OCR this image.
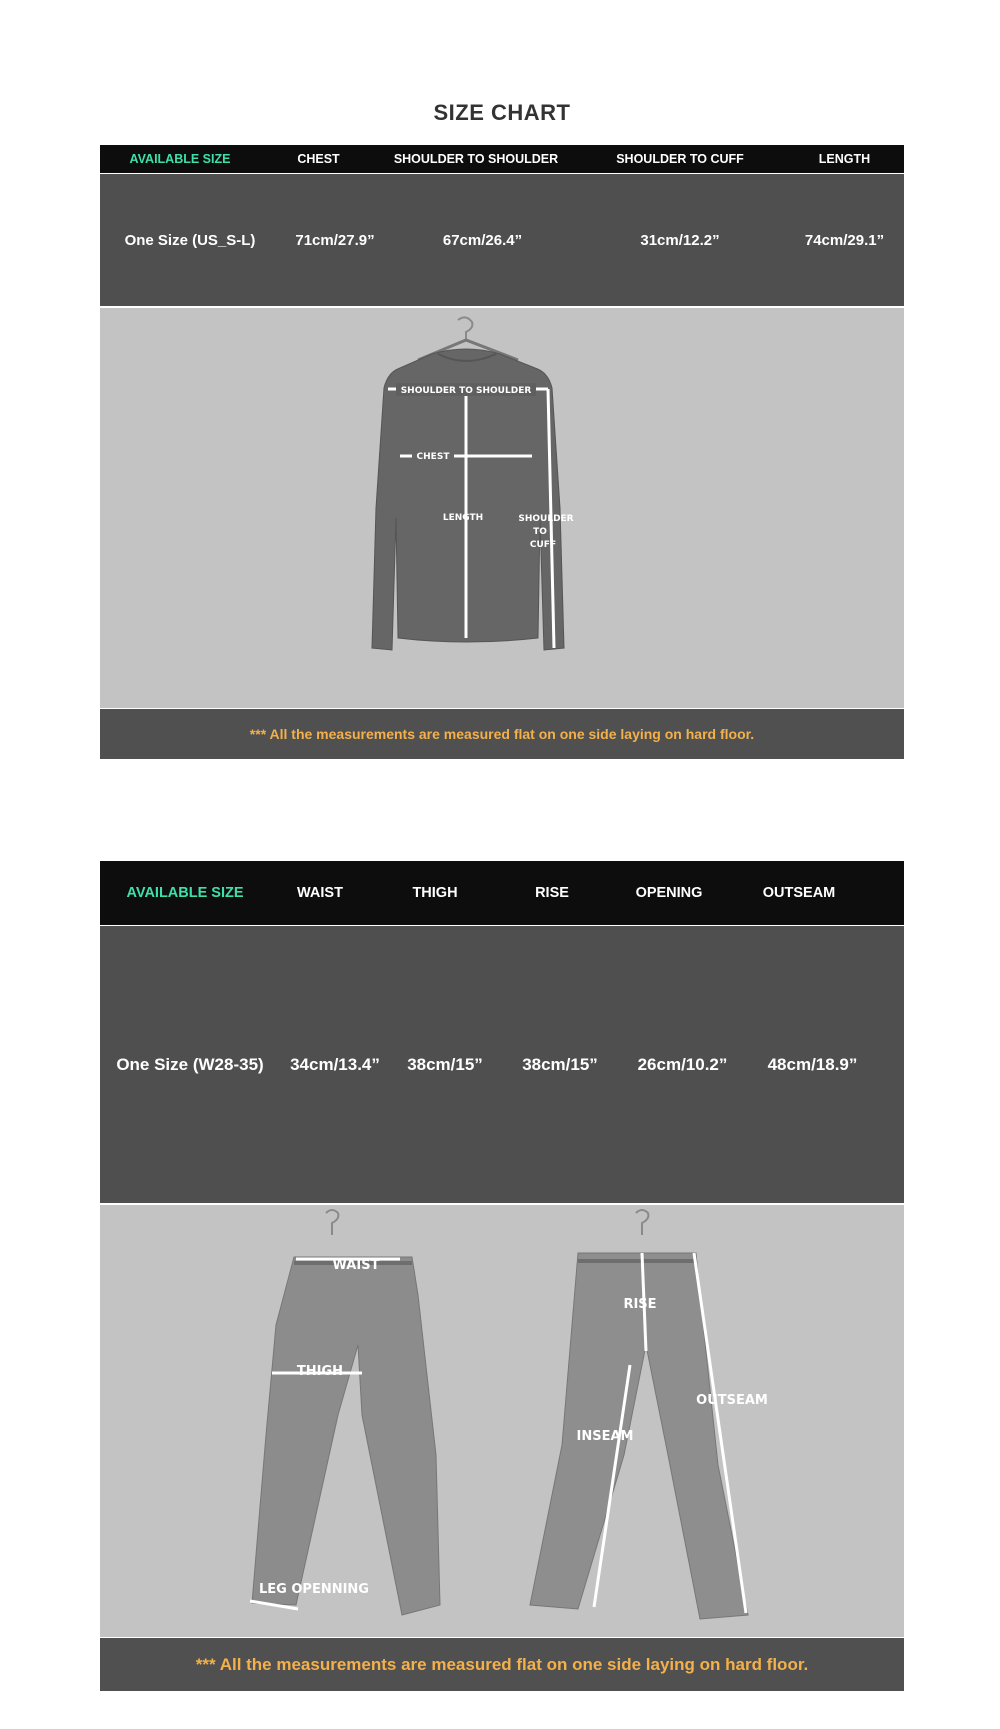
SIZE CHART
AVAILABLE SIZE	CHEST	SHOULDER TO SHOULDER	SHOULDER TO CUFF	LENGTH
One Size (US_S-L)	71cm/27.9”	67cm/26.4”	31cm/12.2”	74cm/29.1”
SHOULDER TO SHOULDER
CHEST
LENGTH	SHOULDER
TO
CUFF
*** All the measurements are measured flat on one side laying on hard floor.
AVAILABLE SIZE	WAIST	THIGH	RISE	OPENING	OUTSEAM
One Size (W28-35)	34cm/13.4”	38cm/15”	38cm/15”	26cm/10.2”	48cm/18.9”
WAIST
THIGH
LEG OPENNING
RISE
INSEAM
OUTSEAM
*** All the measurements are measured flat on one side laying on hard floor.
